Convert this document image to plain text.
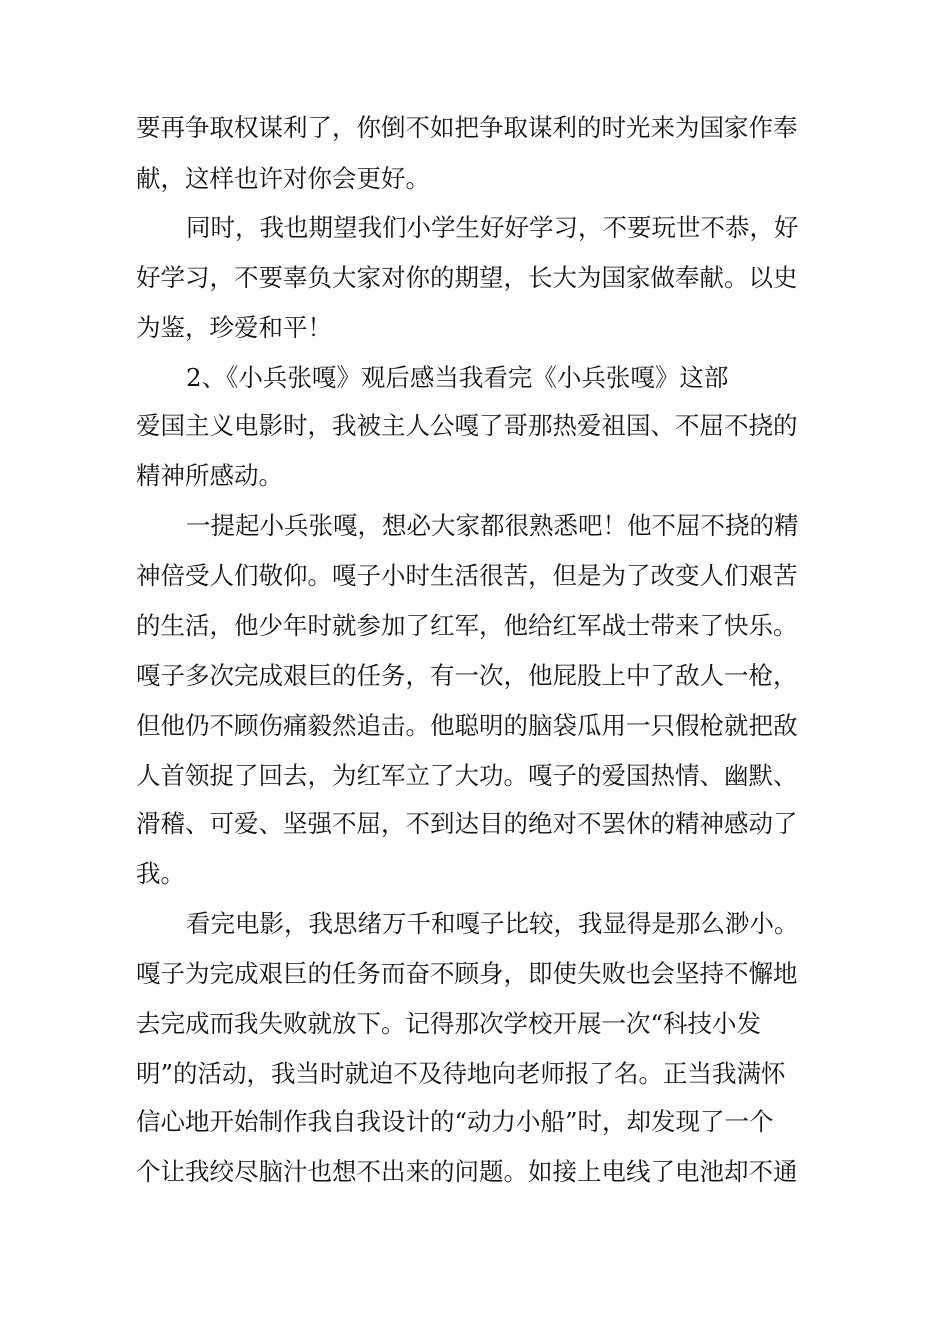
要再争取权谋利了，你倒不如把争取谋利的时光来为国家作奉
献，这样也许对你会更好。
同时，我也期望我们小学生好好学习，不要玩世不恭，好
好学习，不要辜负大家对你的期望，长大为国家做奉献。以史
为鉴，珍爱和平！
2、《小兵张嘎》观后感当我看完《小兵张嘎》这部
爱国主义电影时，我被主人公嘎了哥那热爱祖国、不屈不挠的
精神所感动。
一提起小兵张嘎，想必大家都很熟悉吧！他不屈不挠的精
神倍受人们敬仰。嘎子小时生活很苦，但是为了改变人们艰苦
的生活，他少年时就参加了红军，他给红军战士带来了快乐。
嘎子多次完成艰巨的任务，有一次，他屁股上中了敌人一枪，
但他仍不顾伤痛毅然追击。他聪明的脑袋瓜用一只假枪就把敌
人首领捉了回去，为红军立了大功。嘎子的爱国热情、幽默、
滑稽、可爱、坚强不屈，不到达目的绝对不罢休的精神感动了
我。
看完电影，我思绪万千和嘎子比较，我显得是那么渺小。
嘎子为完成艰巨的任务而奋不顾身，即使失败也会坚持不懈地
去完成而我失败就放下。记得那次学校开展一次“科技小发
明”的活动，我当时就迫不及待地向老师报了名。正当我满怀
信心地开始制作我自我设计的“动力小船”时，却发现了一个
个让我绞尽脑汁也想不出来的问题。如接上电线了电池却不通
